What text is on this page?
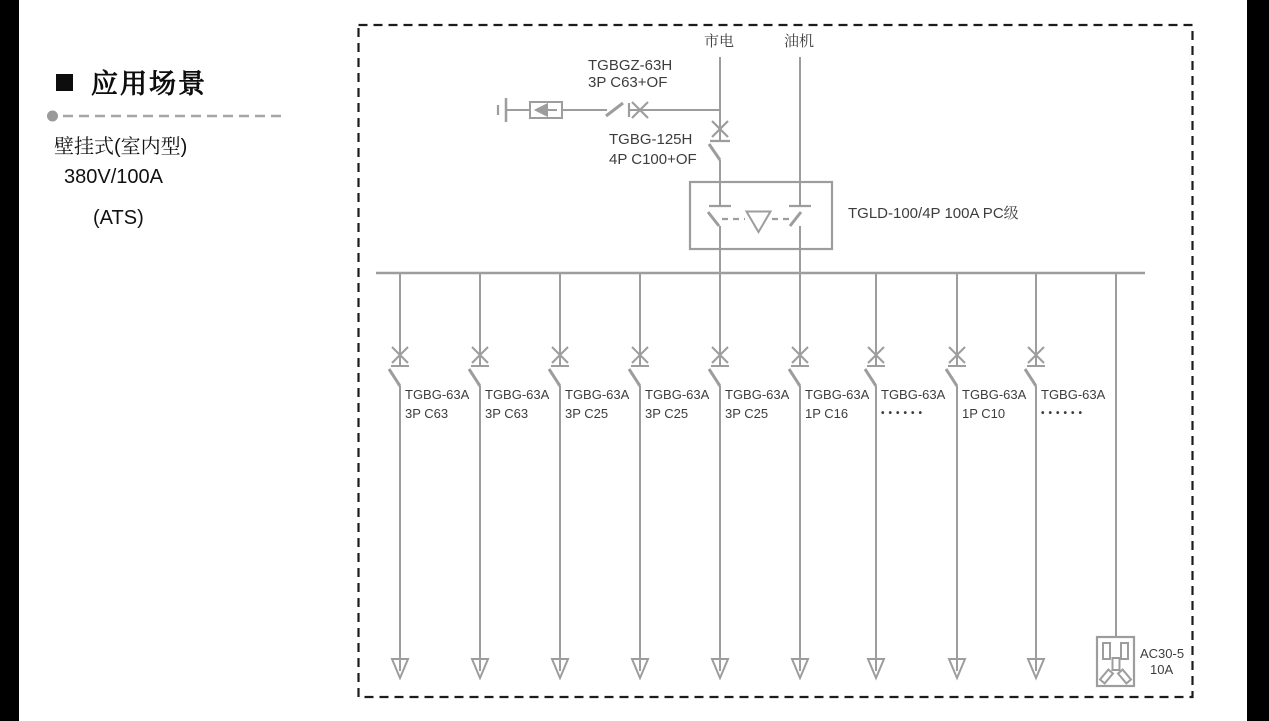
应用场景
壁挂式(室内型)
380V/100A
(ATS)
市电	油机
TGBGZ-63H
3P C63+OF
TGBG-125H
4P C100+OF
TGLD-100/4P 100A PC级
TGBG-63A
3P C63
TGBG-63A
3P C63
TGBG-63A
3P C25
TGBG-63A
3P C25
TGBG-63A
3P C25
TGBG-63A
1P C16
TGBG-63A
••••••
TGBG-63A
1P C10
TGBG-63A
••••••
AC30-5
10A
